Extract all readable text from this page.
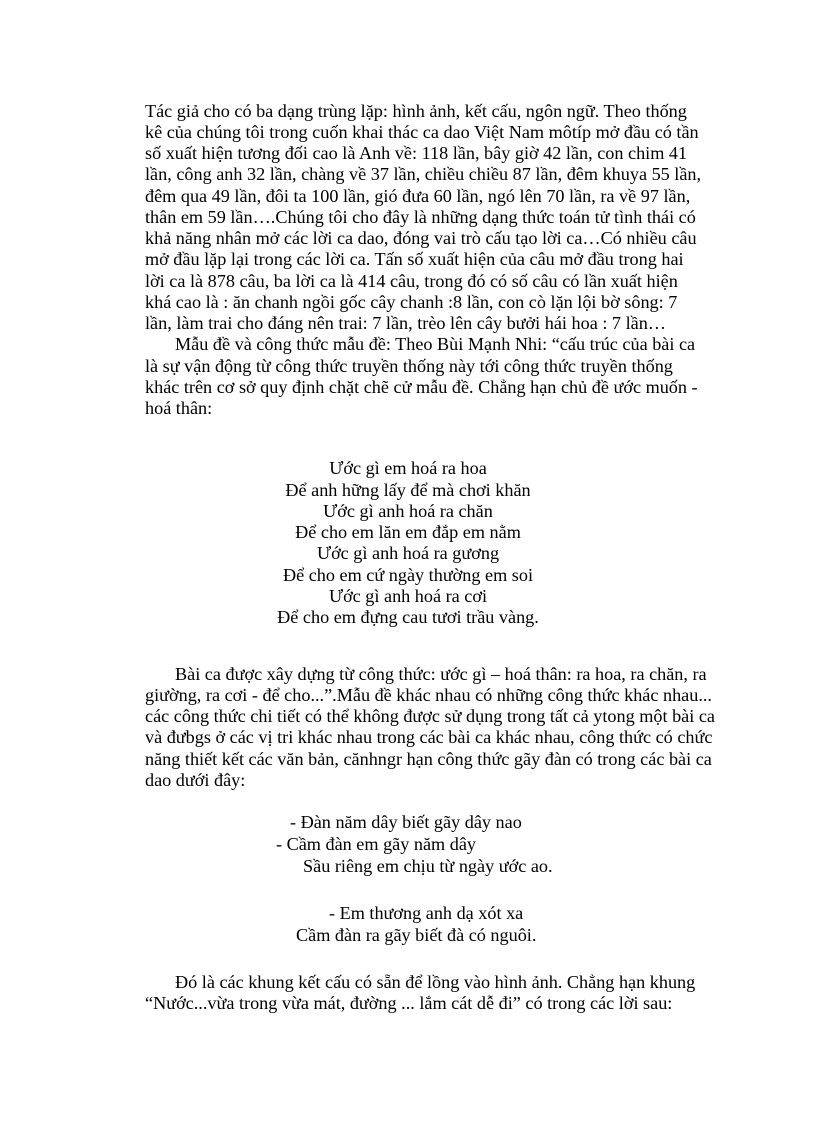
Tác giả cho có ba dạng trùng lặp: hình ảnh, kết cấu, ngôn ngữ. Theo thống
kê của chúng tôi trong cuốn khai thác ca dao Việt Nam môtíp mở đầu có tần
số xuất hiện tương đối cao là Anh về: 118 lần, bây giờ 42 lần, con chim 41
lần, công anh 32 lần, chàng về 37 lần, chiều chiều 87 lần, đêm khuya 55 lần,
đêm qua 49 lần, đôi ta 100 lần, gió đưa 60 lần, ngó lên 70 lần, ra về 97 lần,
thân em 59 lần….Chúng tôi cho đây là những dạng thức toán tử tình thái có
khả năng nhân mở các lời ca dao, đóng vai trò cấu tạo lời ca…Có nhiều câu
mở đầu lặp lại trong các lời ca. Tấn số xuất hiện của câu mở đầu trong hai
lời ca là 878 câu, ba lời ca là 414 câu, trong đó có số câu có lần xuất hiện
khá cao là : ăn chanh ngồi gốc cây chanh :8 lần, con cò lặn lội bờ sông: 7
lần, làm trai cho đáng nên trai: 7 lần, trèo lên cây bưởi hái hoa : 7 lần…
Mẫu đề và công thức mẫu đề: Theo Bùi Mạnh Nhi: “cấu trúc của bài ca
là sự vận động từ công thức truyền thống này tới công thức truyền thống
khác trên cơ sở quy định chặt chẽ cử mẫu đề. Chẳng hạn chủ đề ước muốn -
hoá thân:
Ước gì em hoá ra hoa
Để anh hững lấy để mà chơi khăn
Ước gì anh hoá ra chăn
Để cho em lăn em đắp em nằm
Ước gì anh hoá ra gương
Để cho em cứ ngày thường em soi
Ước gì anh hoá ra cơi
Để cho em đựng cau tươi trầu vàng.
Bài ca được xây dựng từ công thức: ước gì – hoá thân: ra hoa, ra chăn, ra
giường, ra cơi - để cho...”.Mẫu đề khác nhau có những công thức khác nhau...
các công thức chi tiết có thể không được sử dụng trong tất cả ytong một bài ca
và đưbgs ở các vị tri khác nhau trong các bài ca khác nhau, công thức có chức
năng thiết kết các văn bản, cănhngr hạn công thức gãy đàn có trong các bài ca
dao dưới đây:
- Đàn năm dây biết gãy dây nao
- Cầm đàn em gãy năm dây
Sầu riêng em chịu từ ngày ước ao.
- Em thương anh dạ xót xa
Cầm đàn ra gãy biết đà có nguôi.
Đó là các khung kết cấu có sẵn để lồng vào hình ảnh. Chẳng hạn khung
“Nước...vừa trong vừa mát, đường ... lắm cát dễ đi” có trong các lời sau:
